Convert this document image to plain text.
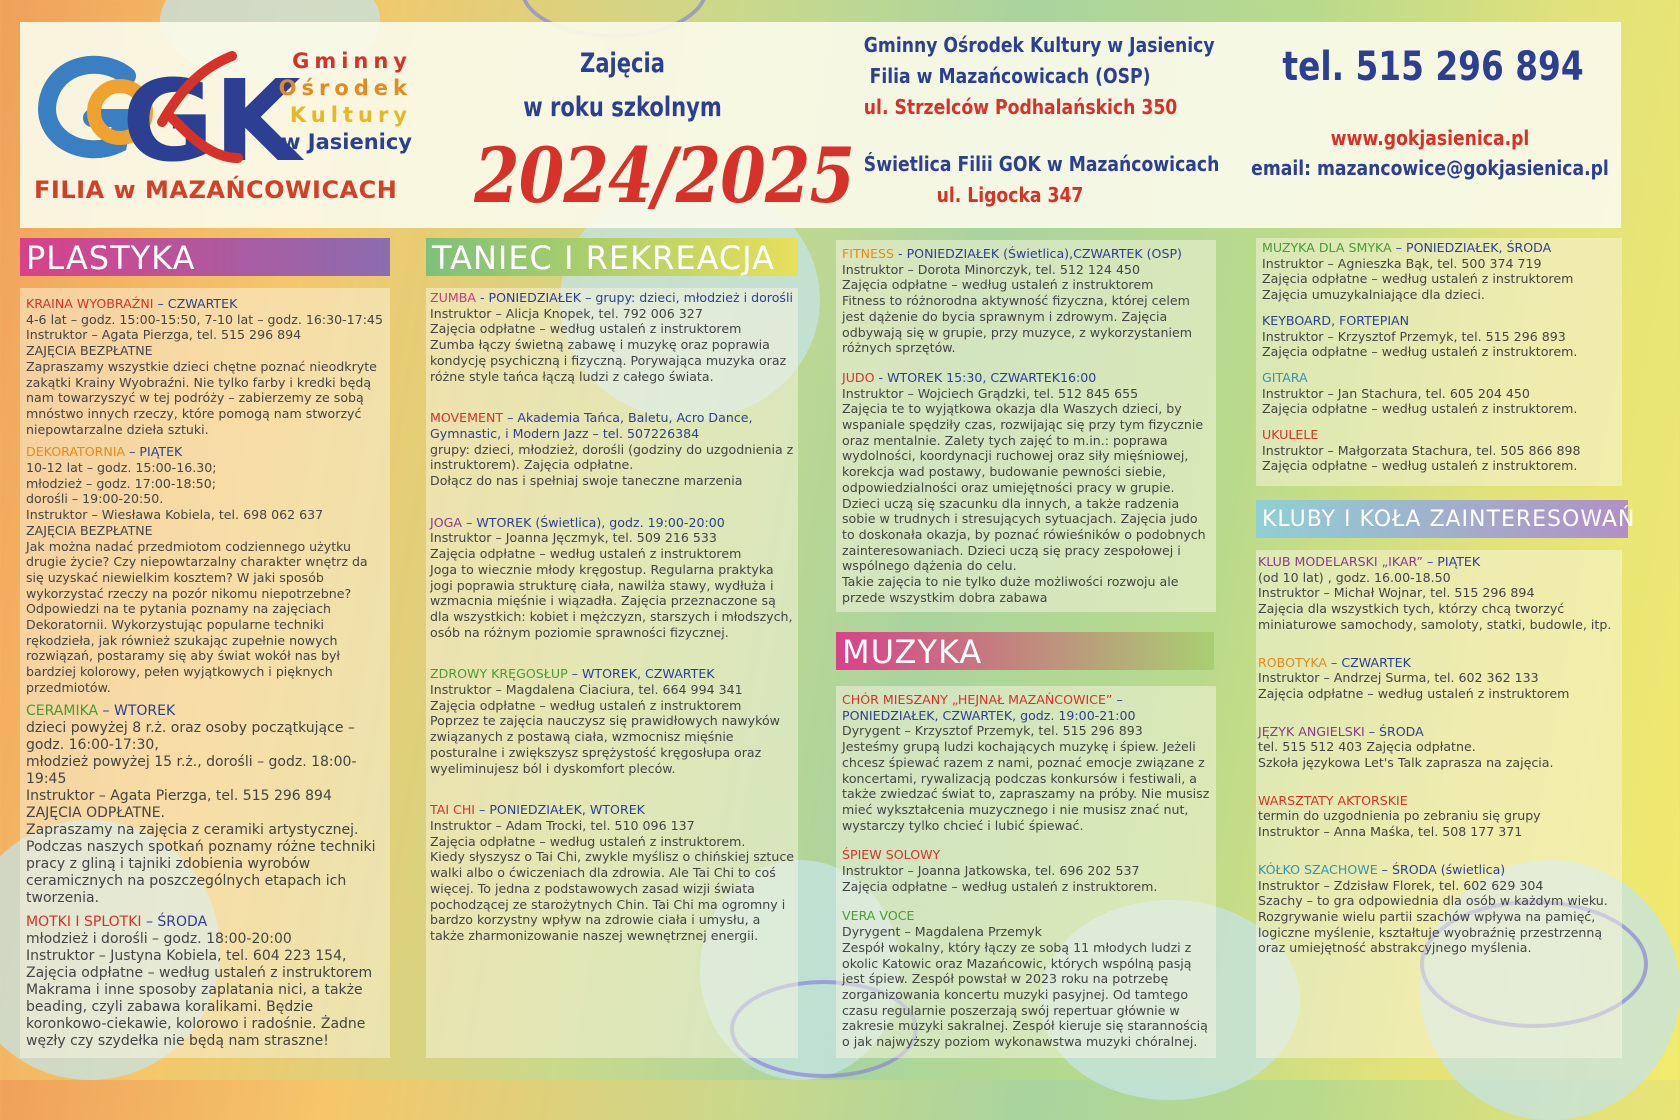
GK
Gminny
Ośrodek
Kultury
w Jasienicy
FILIA w MAZAŃCOWICACH
Zajęcia
w roku szkolnym
2024/2025
Gminny Ośrodek Kultury w Jasienicy
Filia w Mazańcowicach (OSP)
ul. Strzelców Podhalańskich 350
Świetlica Filii GOK w Mazańcowicach
ul. Ligocka 347
tel. 515 296 894
www.gokjasienica.pl
email: mazancowice@gokjasienica.pl
PLASTYKA	TANIEC I REKREACJA
MUZYKA
KLUBY I KOŁA ZAINTERESOWAŃ

KRAINA WYOBRAŹNI – CZWARTEK

4-6 lat – godz. 15:00-15:50, 7-10 lat – godz. 16:30-17:45

Instruktor – Agata Pierzga, tel. 515 296 894

ZAJĘCIA BEZPŁATNE

Zapraszamy wszystkie dzieci chętne poznać nieodkryte zakątki Krainy Wyobraźni. Nie tylko farby i kredki będą nam towarzyszyć w tej podróży – zabierzemy ze sobą mnóstwo innych rzeczy, które pomogą nam stworzyć niepowtarzalne dzieła sztuki.

DEKORATORNIA – PIĄTEK

10-12 lat – godz. 15:00-16.30;

młodzież – godz. 17:00-18:50;

dorośli – 19:00-20:50.

Instruktor – Wiesława Kobiela, tel. 698 062 637

ZAJĘCIA BEZPŁATNE

Jak można nadać przedmiotom codziennego użytku drugie życie? Czy niepowtarzalny charakter wnętrz da się uzyskać niewielkim kosztem? W jaki sposób wykorzystać rzeczy na pozór nikomu niepotrzebne? Odpowiedzi na te pytania poznamy na zajęciach Dekoratornii. Wykorzystując popularne techniki rękodzieła, jak również szukając zupełnie nowych rozwiązań, postaramy się aby świat wokół nas był bardziej kolorowy, pełen wyjątkowych i pięknych przedmiotów.

CERAMIKA – WTOREK

dzieci powyżej 8 r.ż. oraz osoby początkujące – godz. 16:00-17:30,

młodzież powyżej 15 r.ż., dorośli – godz. 18:00-19:45

Instruktor – Agata Pierzga, tel. 515 296 894

ZAJĘCIA ODPŁATNE.

Zapraszamy na zajęcia z ceramiki artystycznej. Podczas naszych spotkań poznamy różne techniki pracy z gliną i tajniki zdobienia wyrobów ceramicznych na poszczególnych etapach ich tworzenia.

MOTKI I SPLOTKI – ŚRODA

młodzież i dorośli – godz. 18:00-20:00

Instruktor – Justyna Kobiela, tel. 604 223 154,

Zajęcia odpłatne – według ustaleń z instruktorem

Makrama i inne sposoby zaplatania nici, a także beading, czyli zabawa koralikami. Będzie koronkowo-ciekawie, kolorowo i radośnie. Żadne węzły czy szydełka nie będą nam straszne!

ZUMBA - PONIEDZIAŁEK – grupy: dzieci, młodzież i dorośli

Instruktor – Alicja Knopek, tel. 792 006 327

Zajęcia odpłatne – według ustaleń z instruktorem

Zumba łączy świetną zabawę i muzykę oraz poprawia kondycję psychiczną i fizyczną. Porywająca muzyka oraz różne style tańca łączą ludzi z całego świata.

MOVEMENT – Akademia Tańca, Baletu, Acro Dance, Gymnastic, i Modern Jazz – tel. 507226384

grupy: dzieci, młodzież, dorośli (godziny do uzgodnienia z instruktorem). Zajęcia odpłatne.

Dołącz do nas i spełniaj swoje taneczne marzenia

JOGA – WTOREK (Świetlica), godz. 19:00-20:00

Instruktor – Joanna Jęczmyk, tel. 509 216 533

Zajęcia odpłatne – według ustaleń z instruktorem

Joga to wiecznie młody kręgostup. Regularna praktyka jogi poprawia strukturę ciała, nawilża stawy, wydłuża i wzmacnia mięśnie i wiązadła. Zajęcia przeznaczone są dla wszystkich: kobiet i mężczyzn, starszych i młodszych, osób na różnym poziomie sprawności fizycznej.

ZDROWY KRĘGOSŁUP – WTOREK, CZWARTEK

Instruktor – Magdalena Ciaciura, tel. 664 994 341

Zajęcia odpłatne – według ustaleń z instruktorem

Poprzez te zajęcia nauczysz się prawidłowych nawyków związanych z postawą ciała, wzmocnisz mięśnie posturalne i zwiększysz sprężystość kręgosłupa oraz wyeliminujesz ból i dyskomfort pleców.

TAI CHI – PONIEDZIAŁEK, WTOREK

Instruktor – Adam Trocki, tel. 510 096 137

Zajęcia odpłatne – według ustaleń z instruktorem.

Kiedy słyszysz o Tai Chi, zwykle myślisz o chińskiej sztuce walki albo o ćwiczeniach dla zdrowia. Ale Tai Chi to coś więcej. To jedna z podstawowych zasad wizji świata pochodzącej ze starożytnych Chin. Tai Chi ma ogromny i bardzo korzystny wpływ na zdrowie ciała i umysłu, a także zharmonizowanie naszej wewnętrznej energii.

FITNESS - PONIEDZIAŁEK (Świetlica),CZWARTEK (OSP)

Instruktor – Dorota Minorczyk, tel. 512 124 450

Zajęcia odpłatne – według ustaleń z instruktorem

Fitness to różnorodna aktywność fizyczna, której celem jest dążenie do bycia sprawnym i zdrowym. Zajęcia odbywają się w grupie, przy muzyce, z wykorzystaniem różnych sprzętów.

JUDO - WTOREK 15:30, CZWARTEK16:00

Instruktor – Wojciech Grądzki, tel. 512 845 655

Zajęcia te to wyjątkowa okazja dla Waszych dzieci, by wspaniale spędziły czas, rozwijając się przy tym fizycznie oraz mentalnie. Zalety tych zajęć to m.in.: poprawa wydolności, koordynacji ruchowej oraz siły mięśniowej, korekcja wad postawy, budowanie pewności siebie, odpowiedzialności oraz umiejętności pracy w grupie. Dzieci uczą się szacunku dla innych, a także radzenia sobie w trudnych i stresujących sytuacjach. Zajęcia judo to doskonała okazja, by poznać rówieśników o podobnych zainteresowaniach. Dzieci uczą się pracy zespołowej i wspólnego dążenia do celu.

Takie zajęcia to nie tylko duże możliwości rozwoju ale przede wszystkim dobra zabawa

CHÓR MIESZANY „HEJNAŁ MAZAŃCOWICE” – PONIEDZIAŁEK, CZWARTEK, godz. 19:00-21:00

Dyrygent – Krzysztof Przemyk, tel. 515 296 893

Jesteśmy grupą ludzi kochających muzykę i śpiew. Jeżeli chcesz śpiewać razem z nami, poznać emocje związane z koncertami, rywalizacją podczas konkursów i festiwali, a także zwiedzać świat to, zapraszamy na próby. Nie musisz mieć wykształcenia muzycznego i nie musisz znać nut, wystarczy tylko chcieć i lubić śpiewać.

ŚPIEW SOLOWY

Instruktor – Joanna Jatkowska, tel. 696 202 537

Zajęcia odpłatne – według ustaleń z instruktorem.

VERA VOCE

Dyrygent – Magdalena Przemyk

Zespół wokalny, który łączy ze sobą 11 młodych ludzi z okolic Katowic oraz Mazańcowic, których wspólną pasją jest śpiew. Zespół powstał w 2023 roku na potrzebę zorganizowania koncertu muzyki pasyjnej. Od tamtego czasu regularnie poszerzają swój repertuar głównie w zakresie muzyki sakralnej. Zespół kieruje się starannością o jak najwyższy poziom wykonawstwa muzyki chóralnej.

MUZYKA DLA SMYKA – PONIEDZIAŁEK, ŚRODA

Instruktor – Agnieszka Bąk, tel. 500 374 719

Zajęcia odpłatne – według ustaleń z instruktorem

Zajęcia umuzykalniające dla dzieci.

KEYBOARD, FORTEPIAN

Instruktor – Krzysztof Przemyk, tel. 515 296 893

Zajęcia odpłatne – według ustaleń z instruktorem.

GITARA

Instruktor – Jan Stachura, tel. 605 204 450

Zajęcia odpłatne – według ustaleń z instruktorem.

UKULELE

Instruktor – Małgorzata Stachura, tel. 505 866 898

Zajęcia odpłatne – według ustaleń z instruktorem.

KLUB MODELARSKI „IKAR” – PIĄTEK

(od 10 lat) , godz. 16.00-18.50

Instruktor – Michał Wojnar, tel. 515 296 894

Zajęcia dla wszystkich tych, którzy chcą tworzyć miniaturowe samochody, samoloty, statki, budowle, itp.

ROBOTYKA – CZWARTEK

Instruktor – Andrzej Surma, tel. 602 362 133

Zajęcia odpłatne – według ustaleń z instruktorem

JĘZYK ANGIELSKI – ŚRODA

tel. 515 512 403 Zajęcia odpłatne.

Szkoła językowa Let's Talk zaprasza na zajęcia.

WARSZTATY AKTORSKIE

termin do uzgodnienia po zebraniu się grupy

Instruktor – Anna Maśka, tel. 508 177 371

KÓŁKO SZACHOWE – ŚRODA (świetlica)

Instruktor – Zdzisław Florek, tel. 602 629 304

Szachy – to gra odpowiednia dla osób w każdym wieku. Rozgrywanie wielu partii szachów wpływa na pamięć, logiczne myślenie, kształtuje wyobraźnię przestrzenną oraz umiejętność abstrakcyjnego myślenia.
